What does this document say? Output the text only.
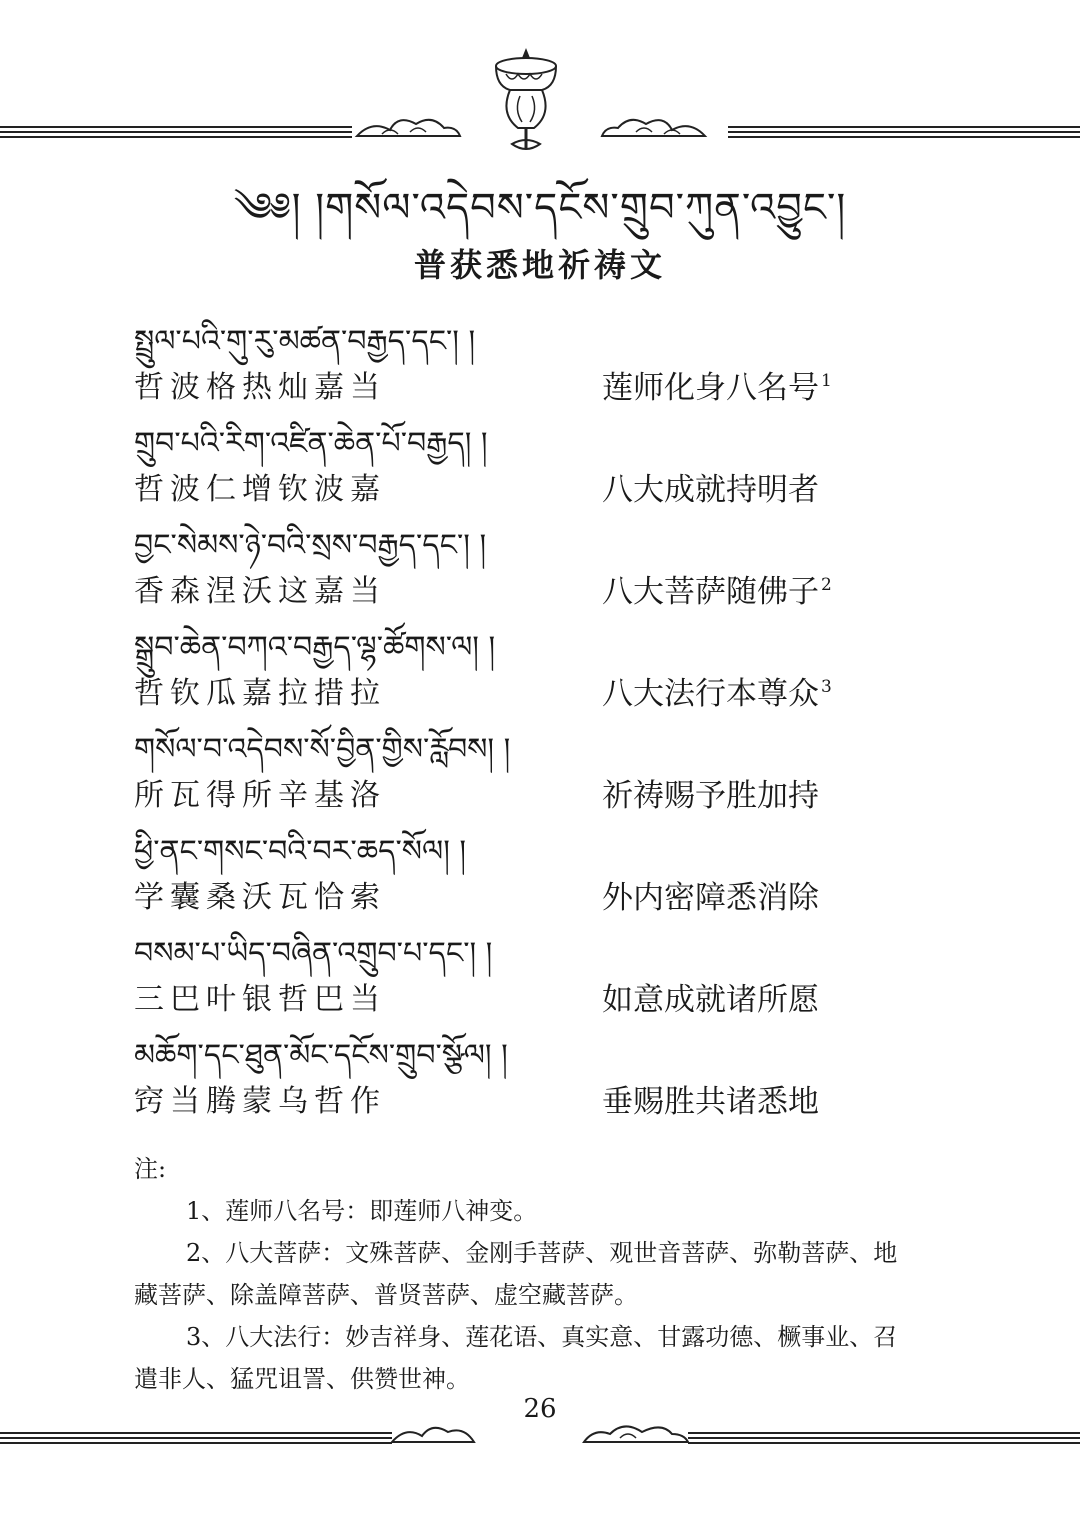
༄༅། །གསོལ་འདེབས་དངོས་གྲུབ་ཀུན་འབྱུང་།
普获悉地祈祷文
སྤྲུལ་པའི་གུ་རུ་མཚན་བརྒྱད་དང་། །
哲波格热灿嘉当	莲师化身八名号 $^1$
གྲུབ་པའི་རིག་འཛིན་ཆེན་པོ་བརྒྱད། །
哲波仁增钦波嘉	八大成就持明者
བྱང་སེམས་ཉེ་བའི་སྲས་བརྒྱད་དང་། །
香森涅沃这嘉当	八大菩萨随佛子 $^2$
སྒྲུབ་ཆེན་བཀའ་བརྒྱད་ལྷ་ཚོགས་ལ། །
哲钦瓜嘉拉措拉	八大法行本尊众 $^3$
གསོལ་བ་འདེབས་སོ་བྱིན་གྱིས་རློབས། །
所瓦得所辛基洛	祈祷赐予胜加持
ཕྱི་ནང་གསང་བའི་བར་ཆད་སོལ། །
学囊桑沃瓦恰索	外内密障悉消除
བསམ་པ་ཡིད་བཞིན་འགྲུབ་པ་དང་། །
三巴叶银哲巴当	如意成就诸所愿
མཆོག་དང་ཐུན་མོང་དངོས་གྲུབ་སྩོལ། །
窍当腾蒙乌哲作	垂赐胜共诸悉地
注:
1、莲师八名号：即莲师八神变。
2、八大菩萨：文殊菩萨、金刚手菩萨、观世音菩萨、弥勒菩萨、地藏菩萨、除盖障菩萨、普贤菩萨、虚空藏菩萨。
3、八大法行：妙吉祥身、莲花语、真实意、甘露功德、橛事业、召遣非人、猛咒诅詈、供赞世神。
26
